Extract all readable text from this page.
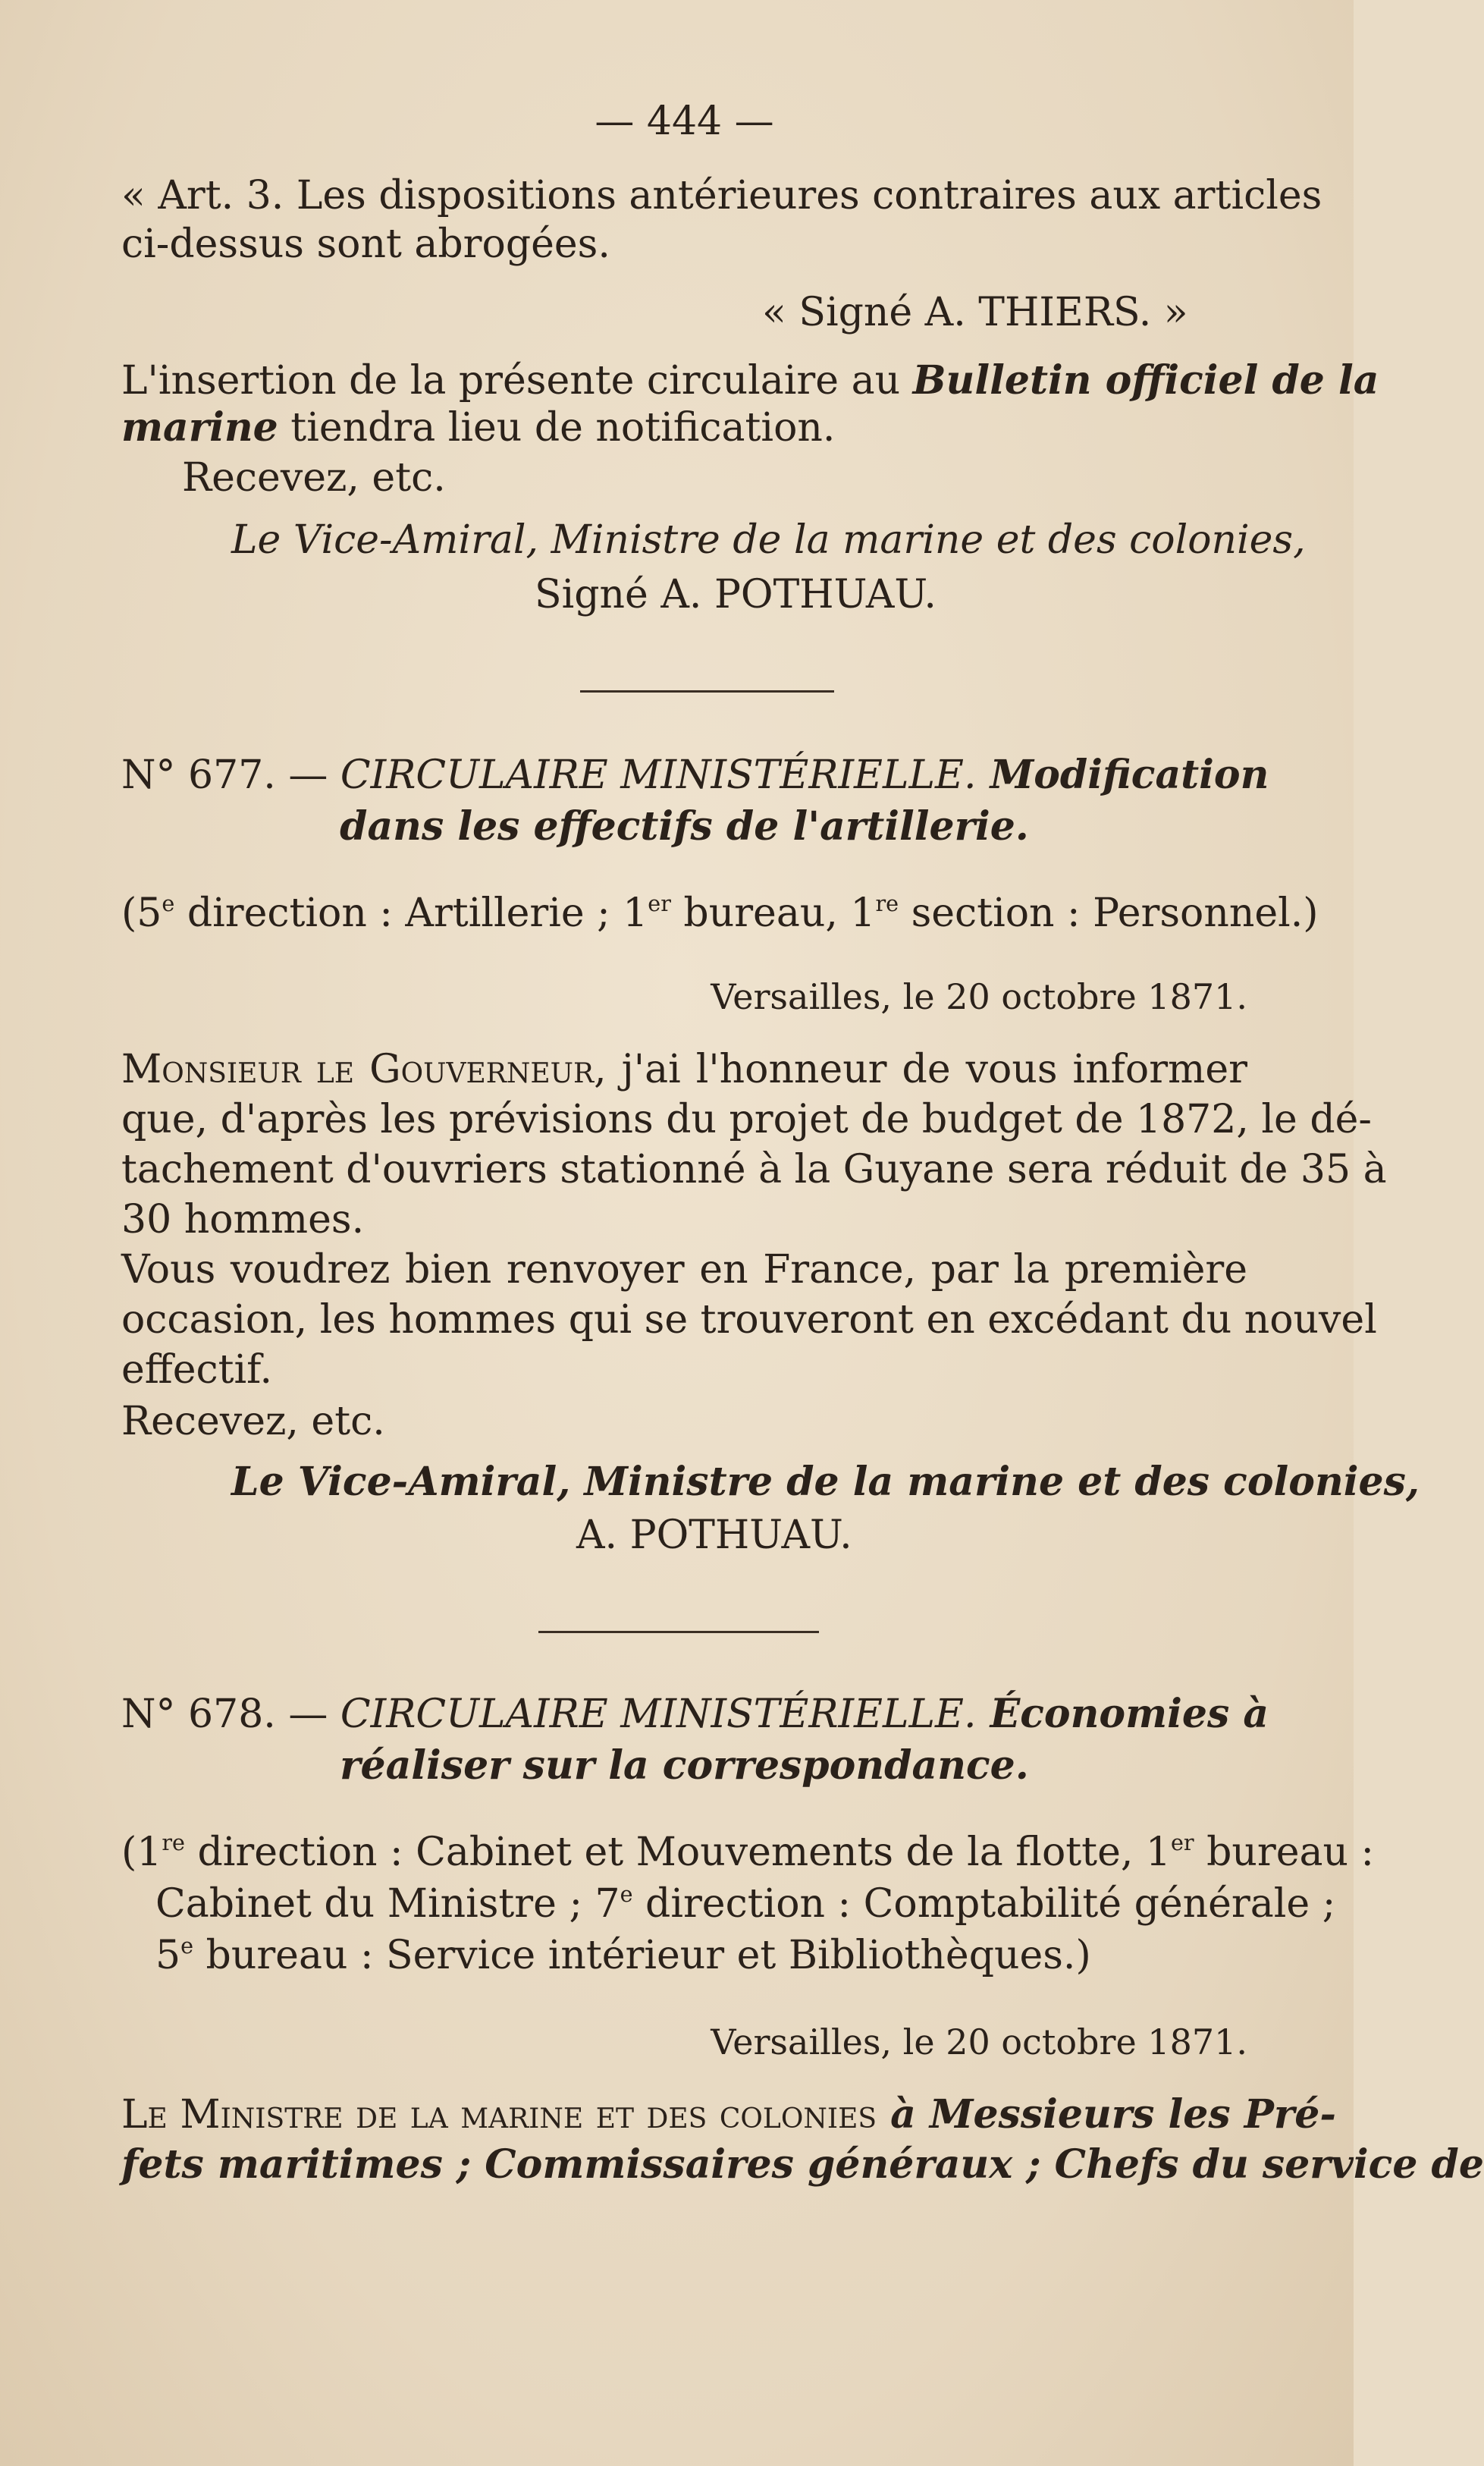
— 444 —
« Art. 3. Les dispositions antérieures contraires aux articles
ci-dessus sont abrogées.
« Signé A. THIERS. »
L'insertion de la présente circulaire au Bulletin officiel de la
marine tiendra lieu de notification.
Recevez, etc.
Le Vice-Amiral, Ministre de la marine et des colonies,
Signé A. POTHUAU.
N° 677. — CIRCULAIRE MINISTÉRIELLE. Modification
dans les effectifs de l'artillerie.
(5e direction : Artillerie ; 1er bureau, 1re section : Personnel.)
Versailles, le 20 octobre 1871.
Monsieur le Gouverneur, j'ai l'honneur de vous informer
que, d'après les prévisions du projet de budget de 1872, le dé-
tachement d'ouvriers stationné à la Guyane sera réduit de 35 à
30 hommes.
Vous voudrez bien renvoyer en France, par la première
occasion, les hommes qui se trouveront en excédant du nouvel
effectif.
Recevez, etc.
Le Vice-Amiral, Ministre de la marine et des colonies,
A. POTHUAU.
N° 678. — CIRCULAIRE MINISTÉRIELLE. Économies à
réaliser sur la correspondance.
(1re direction : Cabinet et Mouvements de la flotte, 1er bureau :
Cabinet du Ministre ; 7e direction : Comptabilité générale ;
5e bureau : Service intérieur et Bibliothèques.)
Versailles, le 20 octobre 1871.
Le Ministre de la marine et des colonies à Messieurs les Pré-
fets maritimes ; Commissaires généraux ; Chefs du service de
